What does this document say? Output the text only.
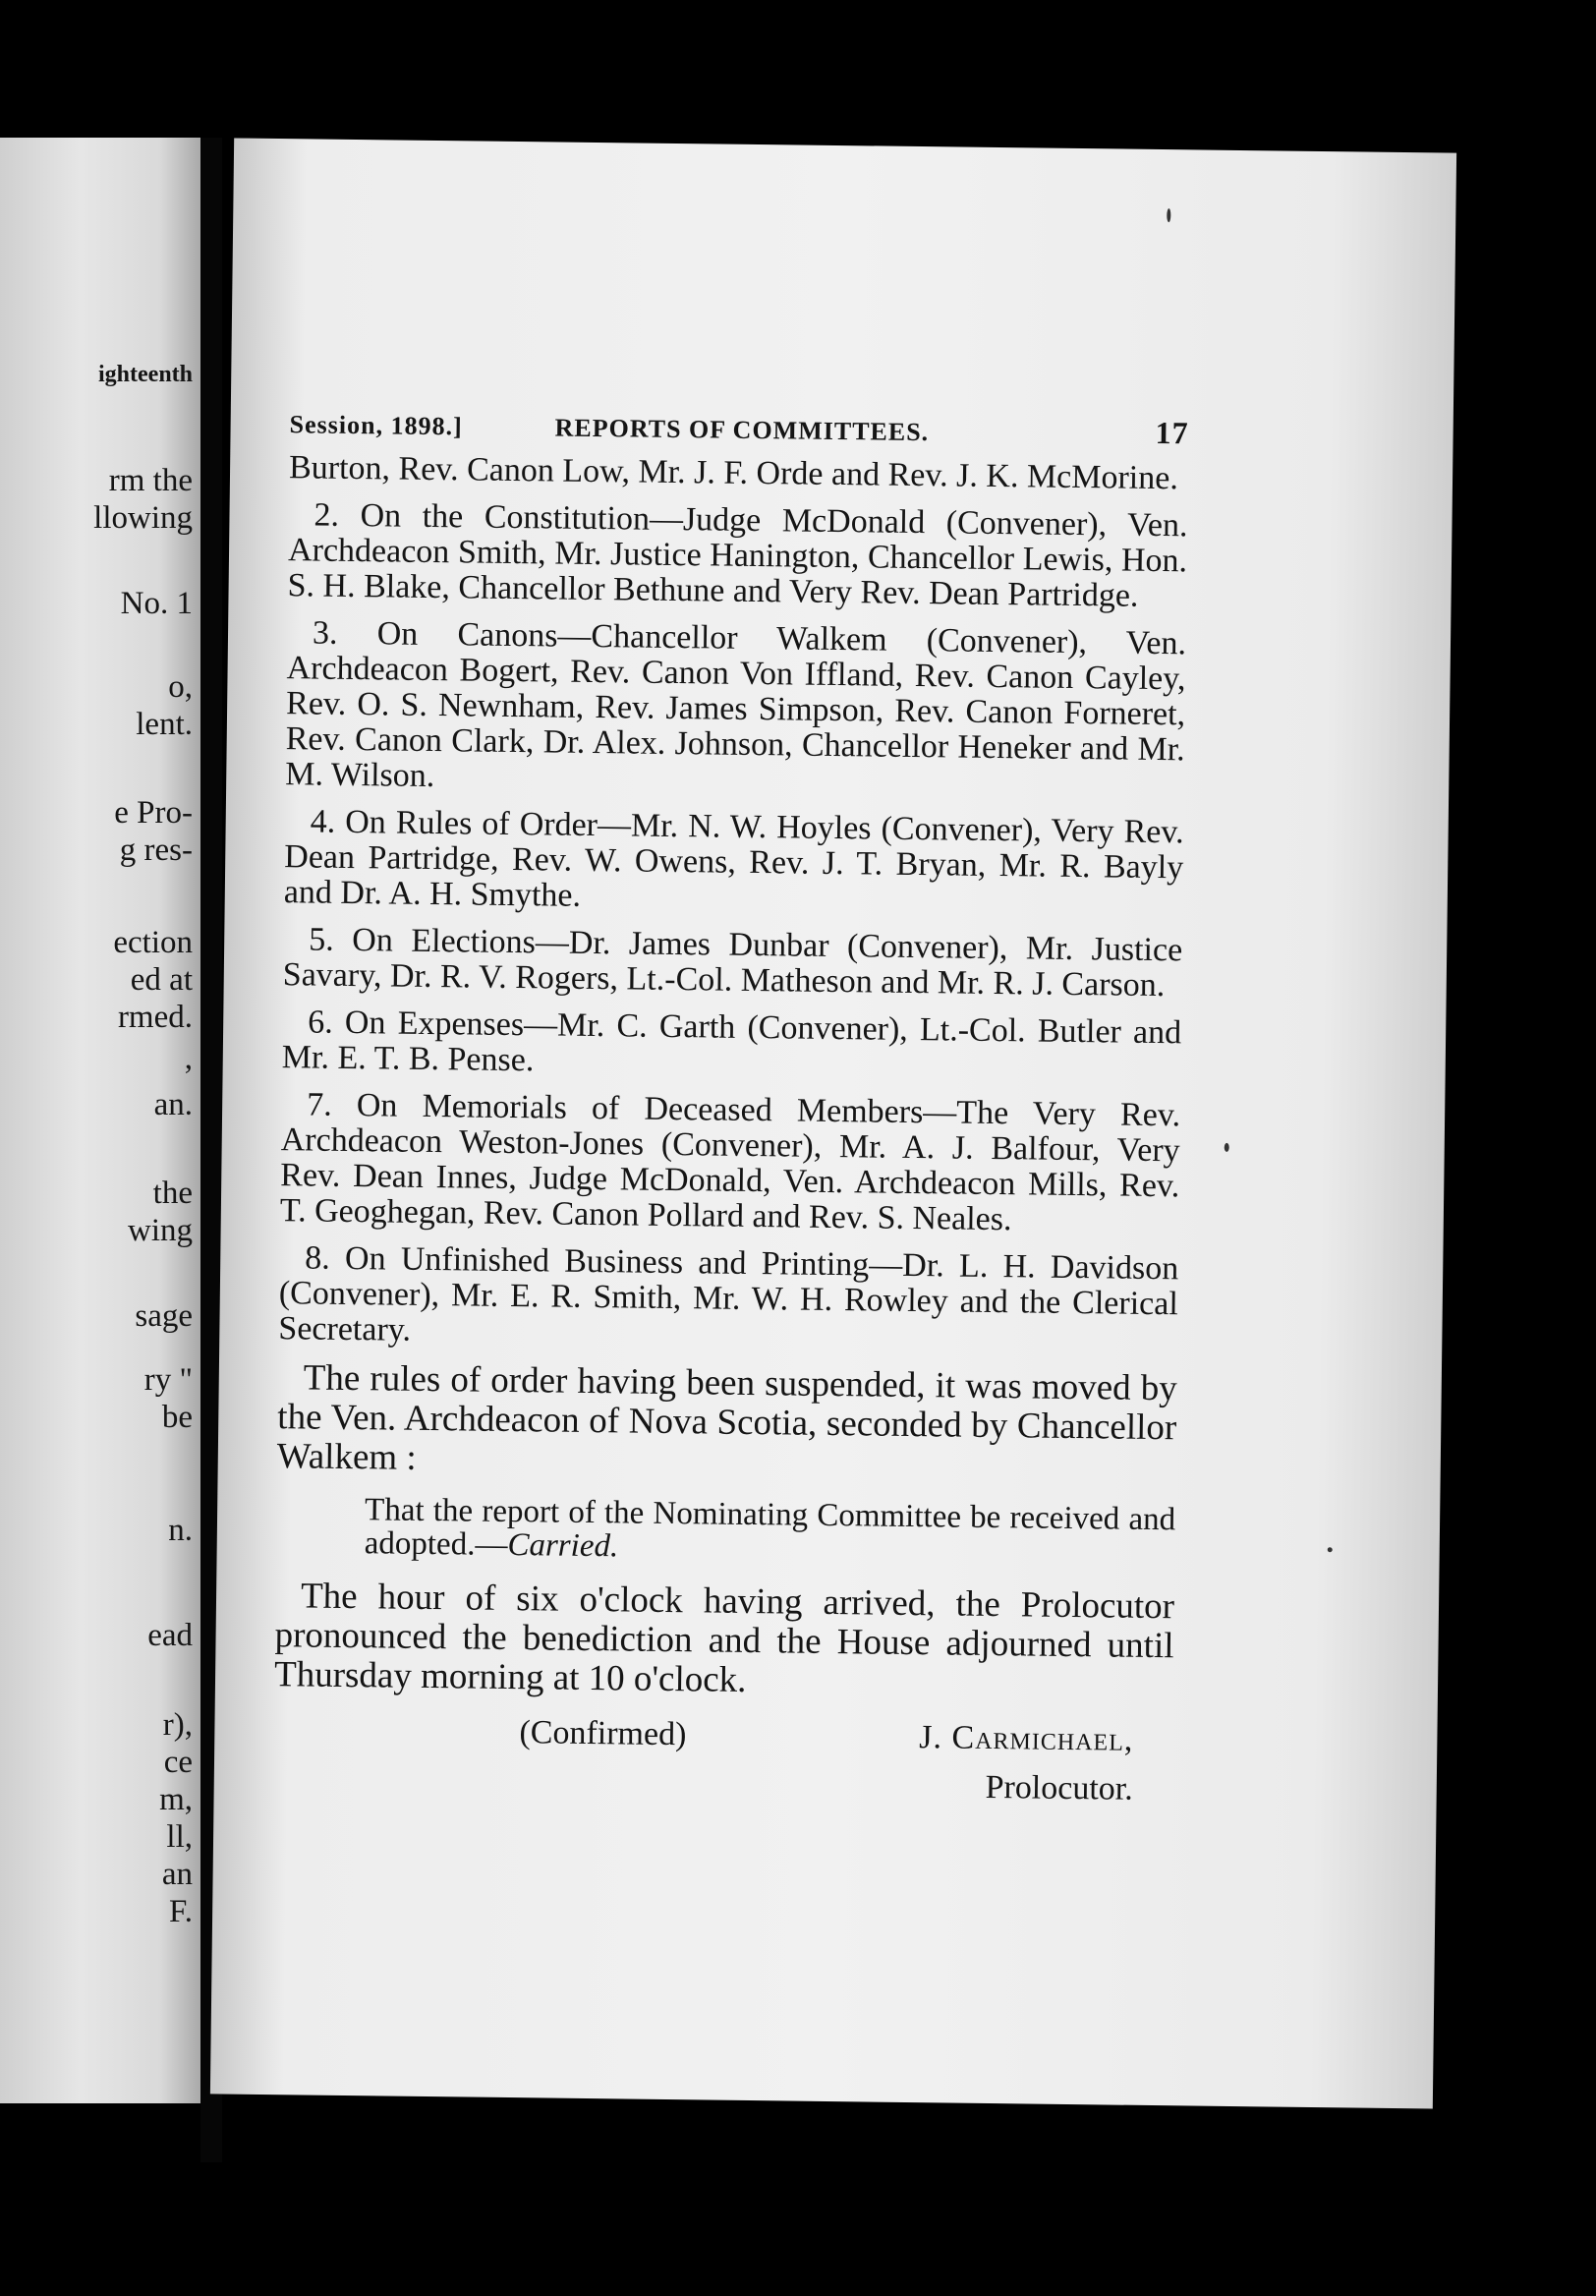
ighteenth
rm the
llowing
No. 1
o,
lent.
e Pro-
g res-
ection
ed at
rmed.
,
an.
the
wing
sage
ry "
be
n.
ead
r),
ce
m,
ll,
an
F.
Session, 1898.]	REPORTS OF COMMITTEES.	17

Burton, Rev. Canon Low, Mr. J. F. Orde and Rev. J. K. McMorine.

2. On the Constitution—Judge McDonald (Convener), Ven. Archdeacon Smith, Mr. Justice Hanington, Chancellor Lewis, Hon. S. H. Blake, Chancellor Bethune and Very Rev. Dean Partridge.

3. On Canons—Chancellor Walkem (Convener), Ven. Archdeacon Bogert, Rev. Canon Von Iffland, Rev. Canon Cayley, Rev. O. S. Newnham, Rev. James Simpson, Rev. Canon Forneret, Rev. Canon Clark, Dr. Alex. Johnson, Chancellor Heneker and Mr. M. Wilson.

4. On Rules of Order—Mr. N. W. Hoyles (Convener), Very Rev. Dean Partridge, Rev. W. Owens, Rev. J. T. Bryan, Mr. R. Bayly and Dr. A. H. Smythe.

5. On Elections—Dr. James Dunbar (Convener), Mr. Justice Savary, Dr. R. V. Rogers, Lt.-Col. Matheson and Mr. R. J. Carson.

6. On Expenses—Mr. C. Garth (Convener), Lt.-Col. Butler and Mr. E. T. B. Pense.

7. On Memorials of Deceased Members—The Very Rev. Archdeacon Weston-Jones (Convener), Mr. A. J. Balfour, Very Rev. Dean Innes, Judge McDonald, Ven. Archdeacon Mills, Rev. T. Geoghegan, Rev. Canon Pollard and Rev. S. Neales.

8. On Unfinished Business and Printing—Dr. L. H. Davidson (Convener), Mr. E. R. Smith, Mr. W. H. Rowley and the Clerical Secretary.

The rules of order having been suspended, it was moved by the Ven. Archdeacon of Nova Scotia, seconded by Chancellor Walkem :

That the report of the Nominating Committee be received and adopted.—Carried.

The hour of six o'clock having arrived, the Prolocutor pronounced the benediction and the House adjourned until Thursday morning at 10 o'clock.

(Confirmed)	J. Carmichael,
Prolocutor.
